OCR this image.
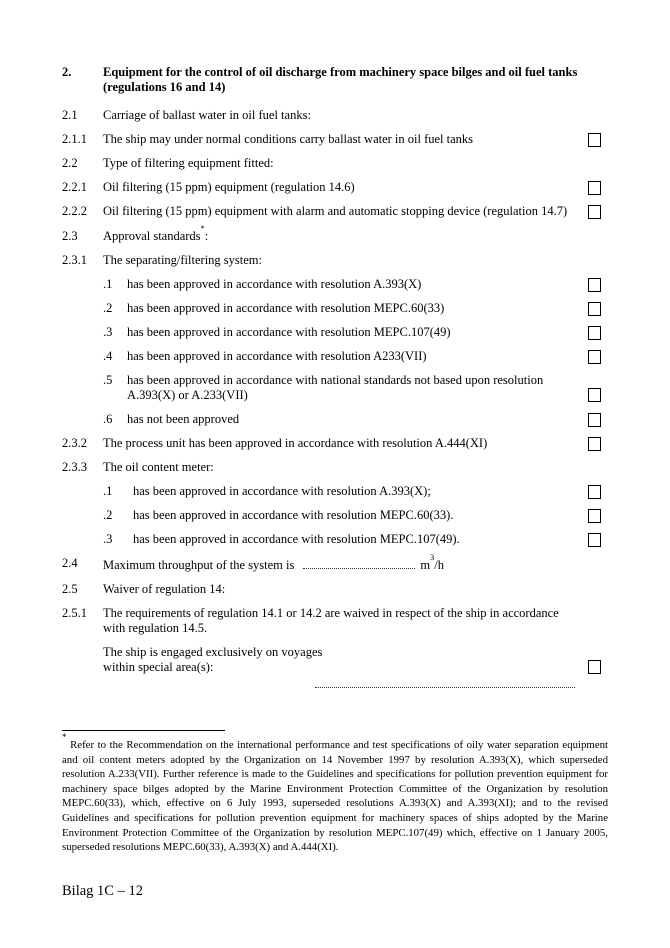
2.	Equipment for the control of oil discharge from machinery space bilges and oil fuel tanks (regulations 16 and 14)
2.1	Carriage of ballast water in oil fuel tanks:
2.1.1	The ship may under normal conditions carry ballast water in oil fuel tanks
2.2	Type of filtering equipment fitted:
2.2.1	Oil filtering (15 ppm) equipment (regulation 14.6)
2.2.2	Oil filtering (15 ppm) equipment with alarm and automatic stopping device (regulation 14.7)
2.3	Approval standards*:
2.3.1	The separating/filtering system:
.1	has been approved in accordance with resolution A.393(X)
.2	has been approved in accordance with resolution MEPC.60(33)
.3	has been approved in accordance with resolution MEPC.107(49)
.4	has been approved in accordance with resolution A233(VII)
.5	has been approved in accordance with national standards not based upon resolution A.393(X) or A.233(VII)
.6	has not been approved
2.3.2	The process unit has been approved in accordance with resolution A.444(XI)
2.3.3	The oil content meter:
.1	has been approved in accordance with resolution A.393(X);
.2	has been approved in accordance with resolution MEPC.60(33).
.3	has been approved in accordance with resolution MEPC.107(49).
2.4	Maximum throughput of the system is	$m^3/h$
2.5	Waiver of regulation 14:
2.5.1	The requirements of regulation 14.1 or 14.2 are waived in respect of the ship in accordance with regulation 14.5.
The ship is engaged exclusively on voyages
within special area(s):
* Refer to the Recommendation on the international performance and test specifications of oily water separation equipment and oil content meters adopted by the Organization on 14 November 1997 by resolution A.393(X), which superseded resolution A.233(VII). Further reference is made to the Guidelines and specifications for pollution prevention equipment for machinery space bilges adopted by the Marine Environment Protection Committee of the Organization by resolution MEPC.60(33), which, effective on 6 July 1993, superseded resolutions A.393(X) and A.393(XI); and to the revised Guidelines and specifications for pollution prevention equipment for machinery spaces of ships adopted by the Marine Environment Protection Committee of the Organization by resolution MEPC.107(49) which, effective on 1 January 2005, superseded resolutions MEPC.60(33), A.393(X) and A.444(XI).
Bilag 1C – 12
